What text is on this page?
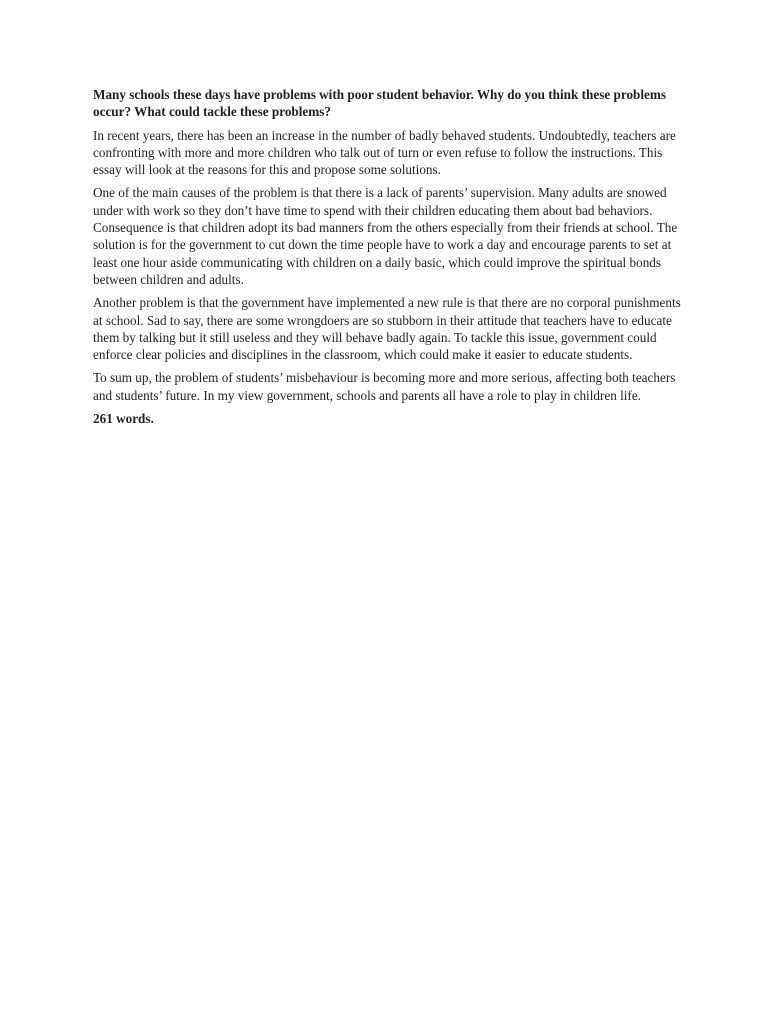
Many schools these days have problems with poor student behavior. Why do you think these problems occur? What could tackle these problems?

In recent years, there has been an increase in the number of badly behaved students. Undoubtedly, teachers are confronting with more and more children who talk out of turn or even refuse to follow the instructions. This essay will look at the reasons for this and propose some solutions.

One of the main causes of the problem is that there is a lack of parents’ supervision. Many adults are snowed under with work so they don’t have time to spend with their children educating them about bad behaviors. Consequence is that children adopt its bad manners from the others especially from their friends at school. The solution is for the government to cut down the time people have to work a day and encourage parents to set at least one hour aside communicating with children on a daily basic, which could improve the spiritual bonds between children and adults.

Another problem is that the government have implemented a new rule is that there are no corporal punishments at school. Sad to say, there are some wrongdoers are so stubborn in their attitude that teachers have to educate them by talking but it still useless and they will behave badly again. To tackle this issue, government could enforce clear policies and disciplines in the classroom, which could make it easier to educate students.

To sum up, the problem of students’ misbehaviour is becoming more and more serious, affecting both teachers and students’ future. In my view government, schools and parents all have a role to play in children life.

261 words.
